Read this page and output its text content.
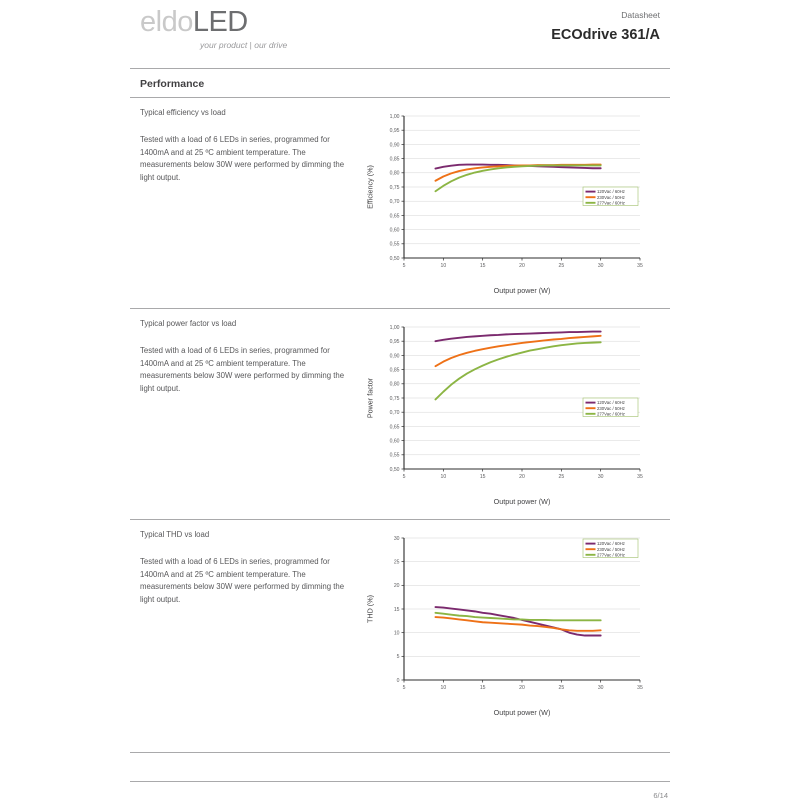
eldoLED
your product | our drive
Datasheet
ECOdrive 361/A
Performance
Typical efficiency vs load
Tested with a load of 6 LEDs in series, programmed for 1400mA and at 25 ºC ambient temperature. The measurements below 30W were performed by dimming the light output.
0,50
0,55
0,60
0,65
0,70
0,75
0,80
0,85
0,90
0,95
1,00
5	10	15	20	25	30	35
Output power (W)
Efficiency (%)	120Vac / 60Hz
230Vac / 50Hz
277Vac / 60Hz
Typical power factor vs load
Tested with a load of 6 LEDs in series, programmed for 1400mA and at 25 ºC ambient temperature. The measurements below 30W were performed by dimming the light output.
0,50
0,55
0,60
0,65
0,70
0,75
0,80
0,85
0,90
0,95
1,00
5	10	15	20	25	30	35
Output power (W)
Power factor	120Vac / 60Hz
230Vac / 50Hz
277Vac / 60Hz
Typical THD vs load
Tested with a load of 6 LEDs in series, programmed for 1400mA and at 25 ºC ambient temperature. The measurements below 30W were performed by dimming the light output.
0
5
10
15
20
25
30
5	10	15	20	25	30	35
Output power (W)
THD (%)
120Vac / 60Hz
230Vac / 50Hz
277Vac / 60Hz
6/14
